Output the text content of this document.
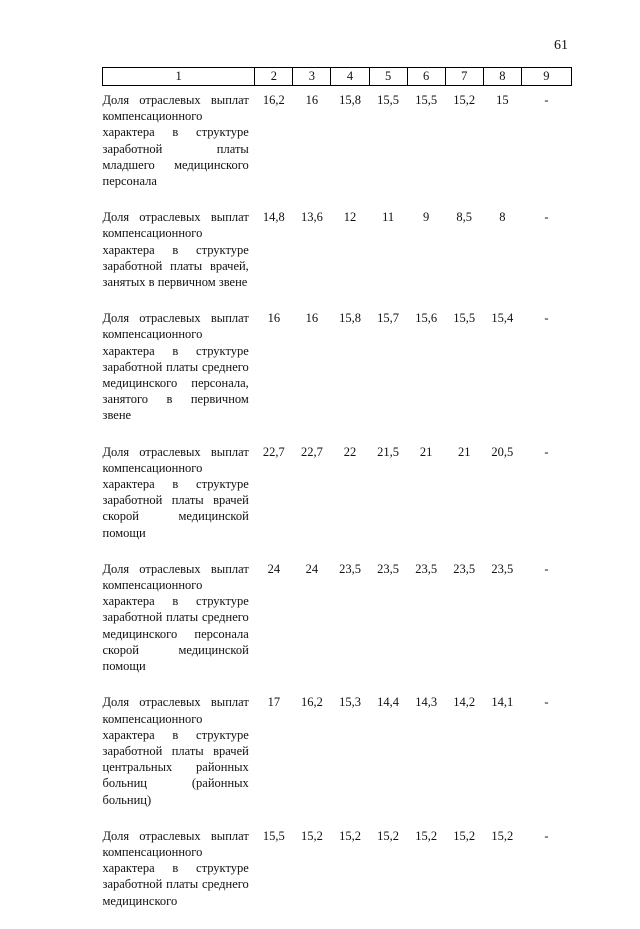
61
1	2	3	4	5	6	7	8	9

Доля отраслевых выплат компенсационного характера в структуре заработной платы младшего медицинского персонала	16,2	16	15,8	15,5	15,5	15,2	15	-
Доля отраслевых выплат компенсационного характера в структуре заработной платы врачей, занятых в первичном звене	14,8	13,6	12	11	9	8,5	8	-
Доля отраслевых выплат компенсационного характера в структуре заработной платы среднего медицинского персонала, занятого в первичном звене	16	16	15,8	15,7	15,6	15,5	15,4	-
Доля отраслевых выплат компенсационного характера в структуре заработной платы врачей скорой медицинской помощи	22,7	22,7	22	21,5	21	21	20,5	-
Доля отраслевых выплат компенсационного характера в структуре заработной платы среднего медицинского персонала скорой медицинской помощи	24	24	23,5	23,5	23,5	23,5	23,5	-
Доля отраслевых выплат компенсационного характера в структуре заработной платы врачей центральных районных больниц (районных больниц)	17	16,2	15,3	14,4	14,3	14,2	14,1	-
Доля отраслевых выплат компенсационного характера в структуре заработной платы среднего медицинского	15,5	15,2	15,2	15,2	15,2	15,2	15,2	-
